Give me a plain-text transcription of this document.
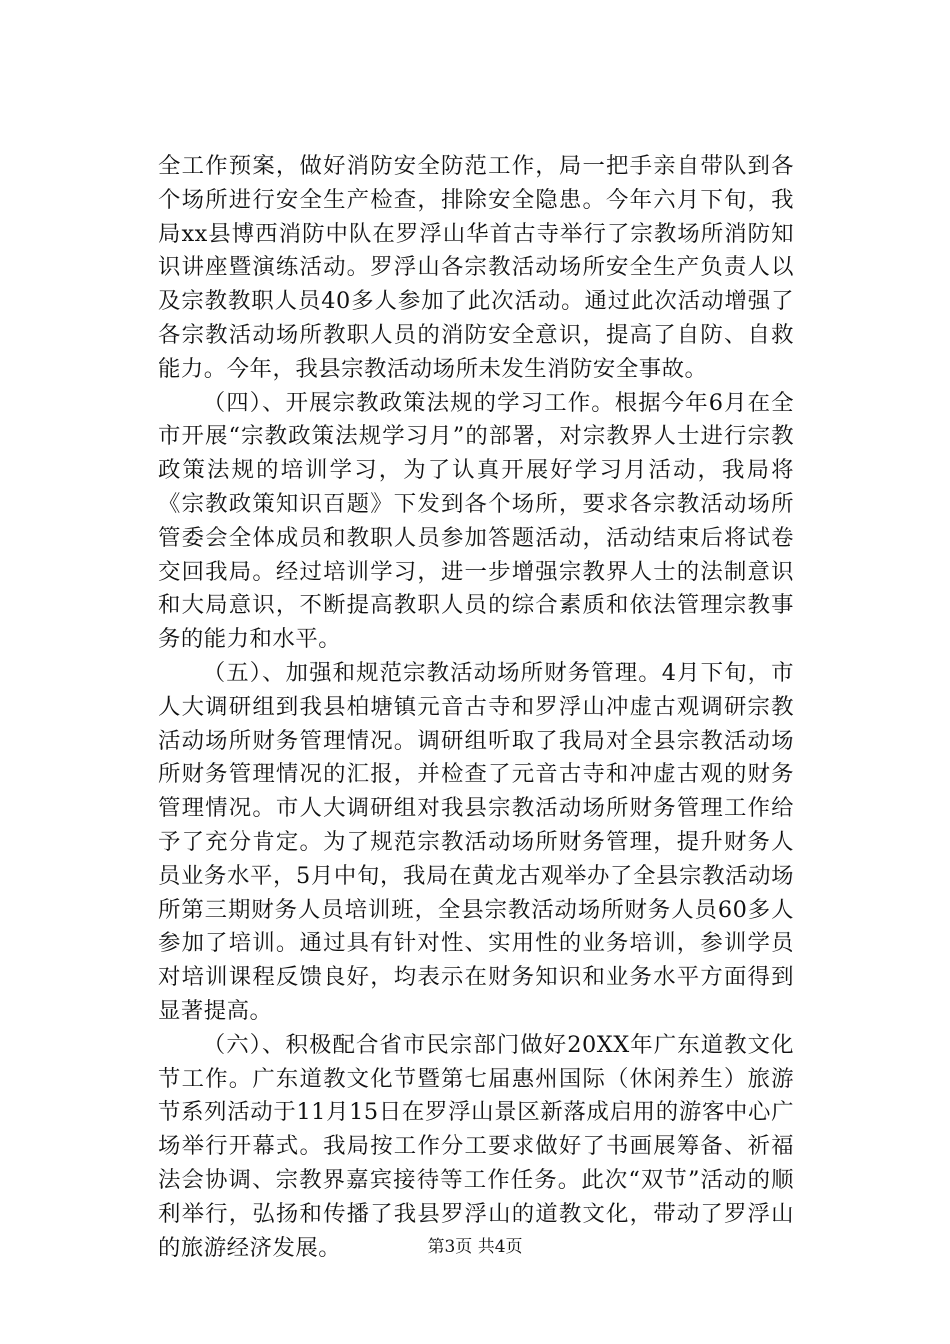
全工作预案，做好消防安全防范工作，局一把手亲自带队到各个场所进行安全生产检查，排除安全隐患。今年六月下旬，我局xx县博西消防中队在罗浮山华首古寺举行了宗教场所消防知识讲座暨演练活动。罗浮山各宗教活动场所安全生产负责人以及宗教教职人员40多人参加了此次活动。通过此次活动增强了各宗教活动场所教职人员的消防安全意识，提高了自防、自救能力。今年，我县宗教活动场所未发生消防安全事故。

（四）、开展宗教政策法规的学习工作。根据今年6月在全市开展“宗教政策法规学习月”的部署，对宗教界人士进行宗教政策法规的培训学习，为了认真开展好学习月活动，我局将《宗教政策知识百题》下发到各个场所，要求各宗教活动场所管委会全体成员和教职人员参加答题活动，活动结束后将试卷交回我局。经过培训学习，进一步增强宗教界人士的法制意识和大局意识，不断提高教职人员的综合素质和依法管理宗教事务的能力和水平。

（五）、加强和规范宗教活动场所财务管理。4月下旬，市人大调研组到我县柏塘镇元音古寺和罗浮山冲虚古观调研宗教活动场所财务管理情况。调研组听取了我局对全县宗教活动场所财务管理情况的汇报，并检查了元音古寺和冲虚古观的财务管理情况。市人大调研组对我县宗教活动场所财务管理工作给予了充分肯定。为了规范宗教活动场所财务管理，提升财务人员业务水平，5月中旬，我局在黄龙古观举办了全县宗教活动场所第三期财务人员培训班，全县宗教活动场所财务人员60多人参加了培训。通过具有针对性、实用性的业务培训，参训学员对培训课程反馈良好，均表示在财务知识和业务水平方面得到显著提高。

（六）、积极配合省市民宗部门做好20XX年广东道教文化节工作。广东道教文化节暨第七届惠州国际（休闲养生）旅游节系列活动于11月15日在罗浮山景区新落成启用的游客中心广场举行开幕式。我局按工作分工要求做好了书画展筹备、祈福法会协调、宗教界嘉宾接待等工作任务。此次“双节”活动的顺利举行，弘扬和传播了我县罗浮山的道教文化，带动了罗浮山的旅游经济发展。	第3页 共4页
